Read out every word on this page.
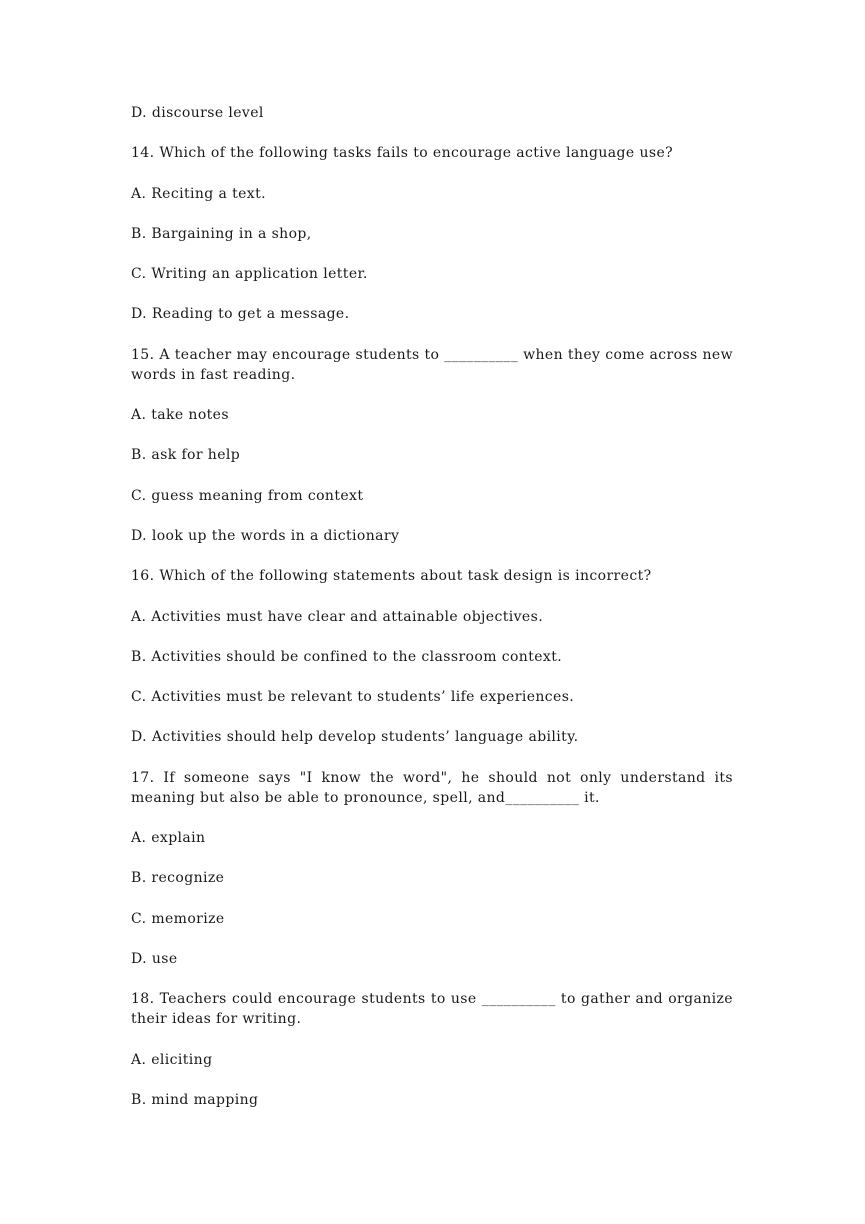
D. discourse level
14. Which of the following tasks fails to encourage active language use?
A. Reciting a text.
B. Bargaining in a shop,
C. Writing an application letter.
D. Reading to get a message.
15. A teacher may encourage students to __________ when they come across new
words in fast reading.
A. take notes
B. ask for help
C. guess meaning from context
D. look up the words in a dictionary
16. Which of the following statements about task design is incorrect?
A. Activities must have clear and attainable objectives.
B. Activities should be confined to the classroom context.
C. Activities must be relevant to students’ life experiences.
D. Activities should help develop students’ language ability.
17. If someone says "I know the word", he should not only understand its
meaning but also be able to pronounce, spell, and__________ it.
A. explain
B. recognize
C. memorize
D. use
18. Teachers could encourage students to use __________ to gather and organize
their ideas for writing.
A. eliciting
B. mind mapping
